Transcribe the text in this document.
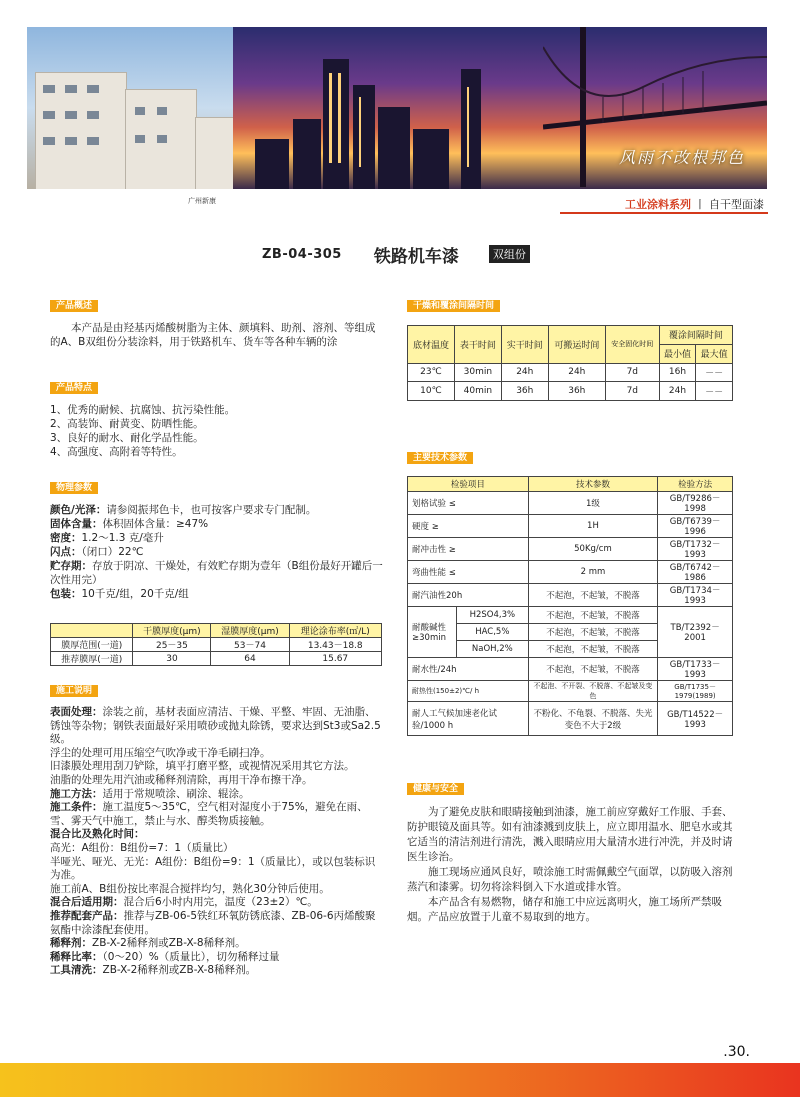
风雨不改根邦色
广州新康	工业涂料系列 丨 自干型面漆
ZB-04-305 铁路机车漆	双组份
产品概述
本产品是由羟基丙烯酸树脂为主体、颜填料、助剂、溶剂、等组成的A、B双组份分装涂料，用于铁路机车、货车等各种车辆的涂
产品特点
1、优秀的耐候、抗腐蚀、抗污染性能。
2、高装饰、耐黄变、防晒性能。
3、良好的耐水、耐化学品性能。
4、高强度、高附着等特性。
物理参数
颜色/光泽：请参阅振邦色卡，也可按客户要求专门配制。
固体含量：体积固体含量：≥47%
密度：1.2～1.3 克/毫升
闪点：（闭口）22℃
贮存期：存放于阴凉、干燥处，有效贮存期为壹年（B组份最好开罐后一次性用完）
包装：10千克/组，20千克/组
	干膜厚度(μm)	湿膜厚度(μm)	理论涂布率(㎡/L)
膜厚范围(一道)	25－35	53－74	13.43－18.8
推荐膜厚(一道)	30	64	15.67
施工说明
表面处理：涂装之前，基材表面应清洁、干燥、平整、牢固、无油脂、锈蚀等杂物；钢铁表面最好采用喷砂或抛丸除锈，要求达到St3或Sa2.5级。
浮尘的处理可用压缩空气吹净或干净毛刷扫净。
旧漆膜处理用刮刀铲除，填平打磨平整，或视情况采用其它方法。
油脂的处理先用汽油或稀释剂清除，再用干净布擦干净。
施工方法：适用于常规喷涂、刷涂、辊涂。
施工条件：施工温度5～35℃，空气相对湿度小于75%，避免在雨、雪、雾天气中施工，禁止与水、醇类物质接触。
混合比及熟化时间：
高光：A组份：B组份=7：1（质量比）
半哑光、哑光、无光：A组份：B组份=9：1（质量比），或以包装标识为准。
施工前A、B组份按比率混合搅拌均匀，熟化30分钟后使用。
混合后适用期：混合后6小时内用完，温度（23±2）℃。
推荐配套产品：推荐与ZB-06-5铁红环氧防锈底漆、ZB-06-6丙烯酸聚氨酯中涂漆配套使用。
稀释剂：ZB-X-2稀释剂或ZB-X-8稀释剂。
稀释比率：（0～20）%（质量比），切勿稀释过量
工具清洗：ZB-X-2稀释剂或ZB-X-8稀释剂。
干燥和覆涂间隔时间
底材温度	表干时间	实干时间	可搬运时间	安全固化时间	覆涂间隔时间	
					最小值	最大值
23℃	30min	24h	24h	7d	16h	－－
10℃	40min	36h	36h	7d	24h	－－
主要技术参数
检验项目		技术参数	检验方法
划格试验 ≤		1级	GB/T9286－1998
硬度 ≥		1H	GB/T6739－1996
耐冲击性 ≥		50Kg/cm	GB/T1732－1993
弯曲性能 ≤		2 mm	GB/T6742－1986
耐汽油性20h		不起泡，不起皱，不脱落	GB/T1734－1993
耐酸碱性≥30min	H2SO4,3%	不起泡，不起皱，不脱落	TB/T2392－2001
	HAC,5%	不起泡，不起皱，不脱落	
	NaOH,2%	不起泡，不起皱，不脱落	
耐水性/24h		不起泡，不起皱，不脱落	GB/T1733－1993
耐热性(150±2)℃/ h		不起泡、不开裂、不脱落、不起皱及变色	GB/T1735－1979(1989)
耐人工气候加速老化试验/1000 h		不粉化、不龟裂、不脱落、失光变色不大于2级	GB/T14522－1993
健康与安全
为了避免皮肤和眼睛接触到油漆，施工前应穿戴好工作服、手套、防护眼镜及面具等。如有油漆溅到皮肤上，应立即用温水、肥皂水或其它适当的清洁剂进行清洗，溅入眼睛应用大量清水进行冲洗，并及时请医生诊治。
施工现场应通风良好，喷涂施工时需佩戴空气面罩，以防吸入溶剂蒸汽和漆雾。切勿将涂料倒入下水道或排水管。
本产品含有易燃物，储存和施工中应远离明火，施工场所严禁吸烟。产品应放置于儿童不易取到的地方。
.30.
